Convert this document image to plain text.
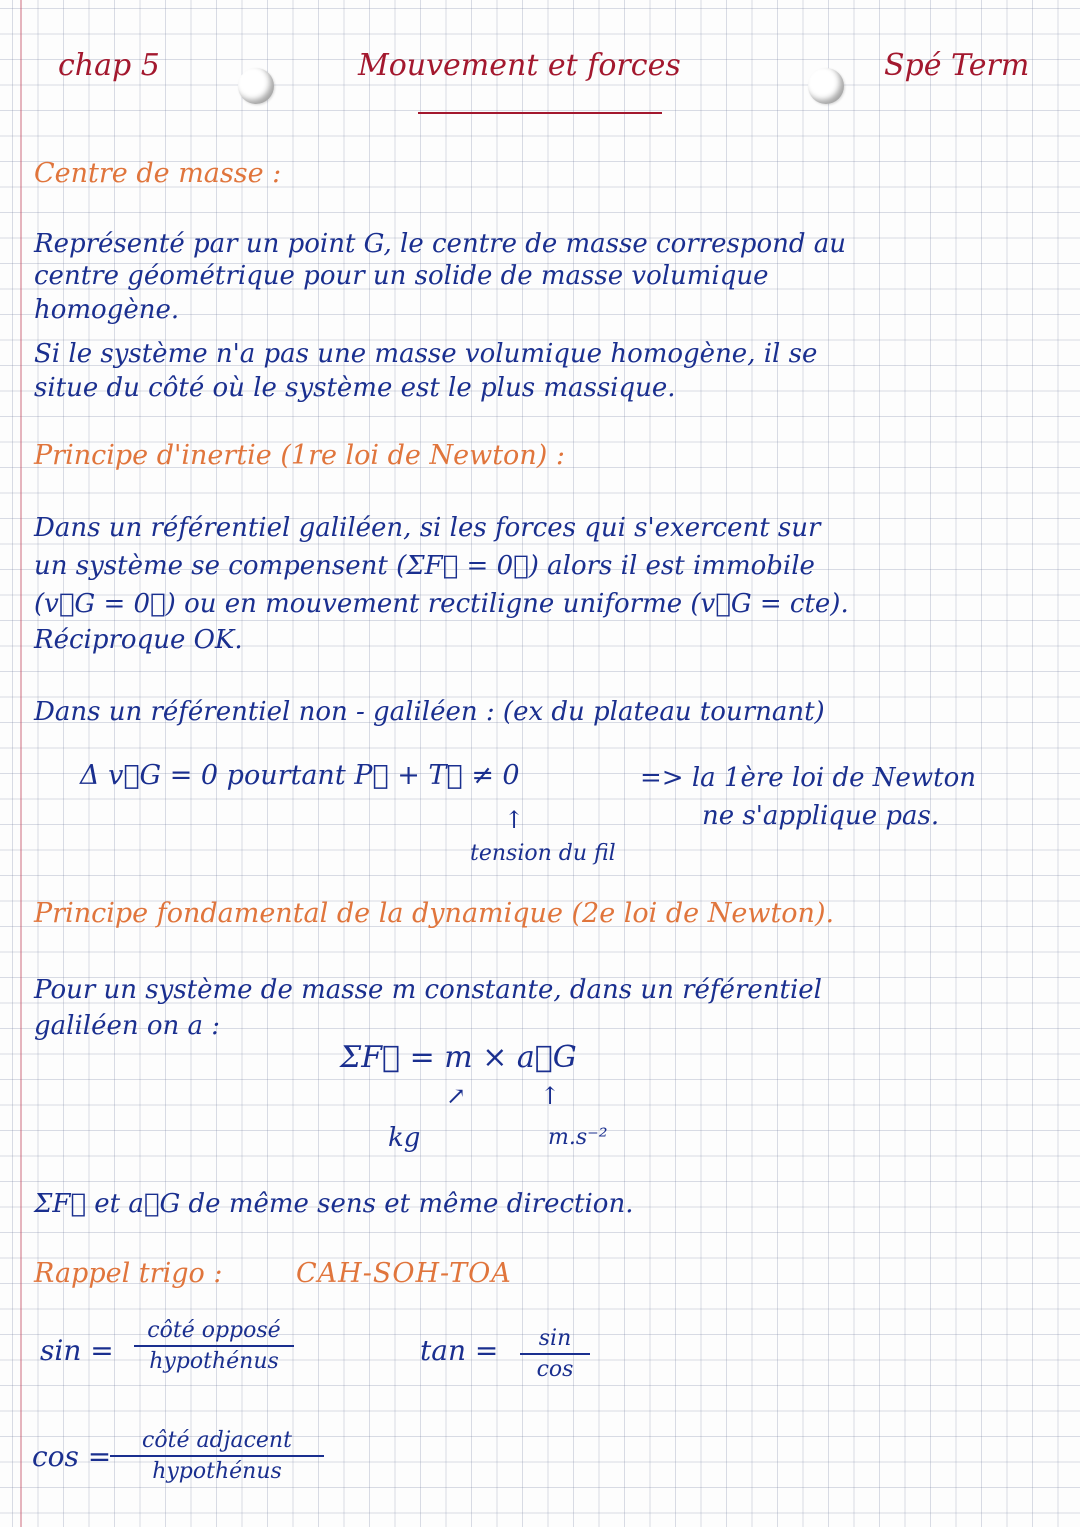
chap 5	Mouvement et forces	Spé Term
Centre de masse :
Représenté par un point G, le centre de masse correspond au
centre géométrique pour un solide de masse volumique
homogène.
Si le système n'a pas une masse volumique homogène, il se
situe du côté où le système est le plus massique.
Principe d'inertie (1re loi de Newton) :
Dans un référentiel galiléen, si les forces qui s'exercent sur
un système se compensent (ΣF⃗ = 0⃗) alors il est immobile
(v⃗G = 0⃗) ou en mouvement rectiligne uniforme (v⃗G = cte).
Réciproque OK.
Dans un référentiel non - galiléen : (ex du plateau tournant)
Δ v⃗G = 0 pourtant P⃗ + T⃗ ≠ 0	=> la 1ère loi de Newton
ne s'applique pas.
↑
tension du fil
Principe fondamental de la dynamique (2e loi de Newton).
Pour un système de masse m constante, dans un référentiel
galiléen on a :
ΣF⃗ = m × a⃗G
↗	↑
kg	m.s⁻²
ΣF⃗ et a⃗G de même sens et même direction.
Rappel trigo :	CAH-SOH-TOA
sin =
côté opposé
hypothénus	$\tan = \frac{\sin}{\cos}$
cos =	côté adjacent
hypothénus
